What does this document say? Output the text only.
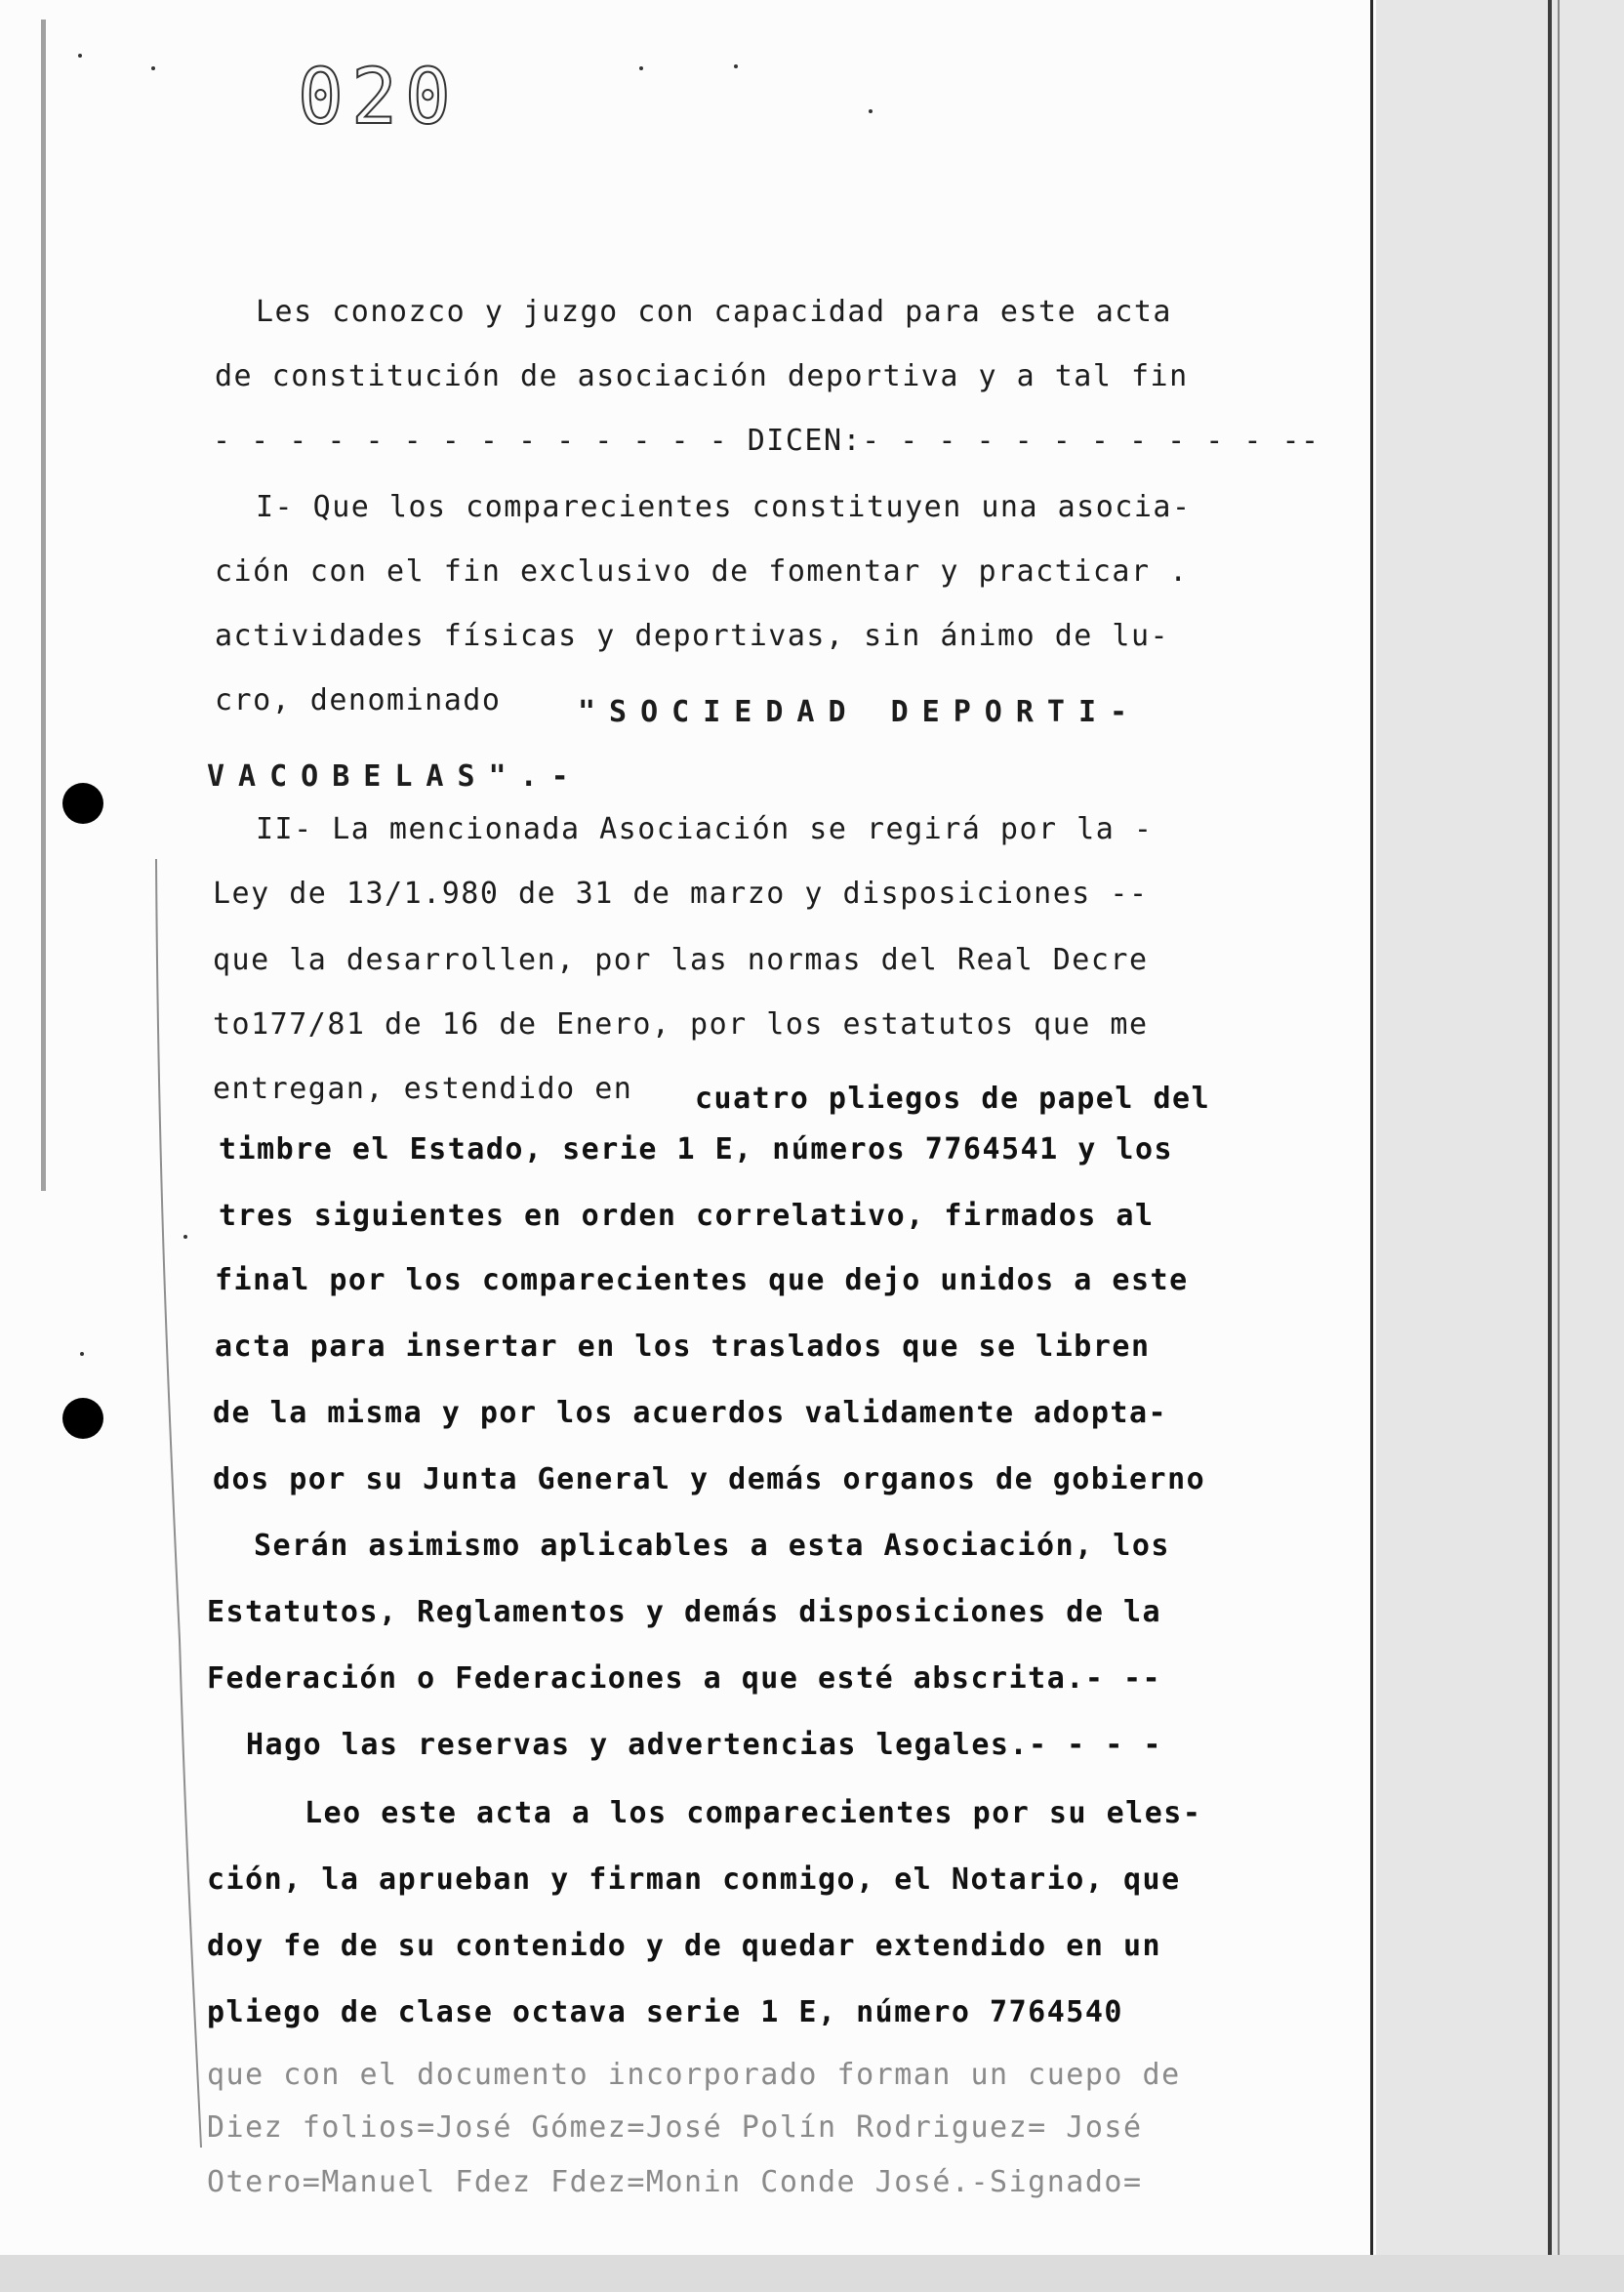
020
Les conozco y juzgo con capacidad para este acta
de constitución de asociación deportiva y a tal fin
- - - - - - - - - - - - - - DICEN:- - - - - - - - - - - --
I- Que los comparecientes constituyen una asocia-
ción con el fin exclusivo de fomentar y practicar .
actividades físicas y deportivas, sin ánimo de lu-
cro, denominado	"SOCIEDAD DEPORTI-
VACOBELAS".-
II- La mencionada Asociación se regirá por la -
Ley de 13/1.980 de 31 de marzo y disposiciones --
que la desarrollen, por las normas del Real Decre
to177/81 de 16 de Enero, por los estatutos que me
entregan, estendido en cuatro pliegos de papel del
timbre el Estado, serie 1 E, números 7764541 y los
tres siguientes en orden correlativo, firmados al
final por los comparecientes que dejo unidos a este
acta para insertar en los traslados que se libren
de la misma y por los acuerdos validamente adopta-
dos por su Junta General y demás organos de gobierno
Serán asimismo aplicables a esta Asociación, los
Estatutos, Reglamentos y demás disposiciones de la
Federación o Federaciones a que esté abscrita.- --
Hago las reservas y advertencias legales.- - - -
Leo este acta a los comparecientes por su eles-
ción, la aprueban y firman conmigo, el Notario, que
doy fe de su contenido y de quedar extendido en un
pliego de clase octava serie 1 E, número 7764540
que con el documento incorporado forman un cuepo de
Diez folios=José Gómez=José Polín Rodriguez= José
Otero=Manuel Fdez Fdez=Monin Conde José.-Signado=
